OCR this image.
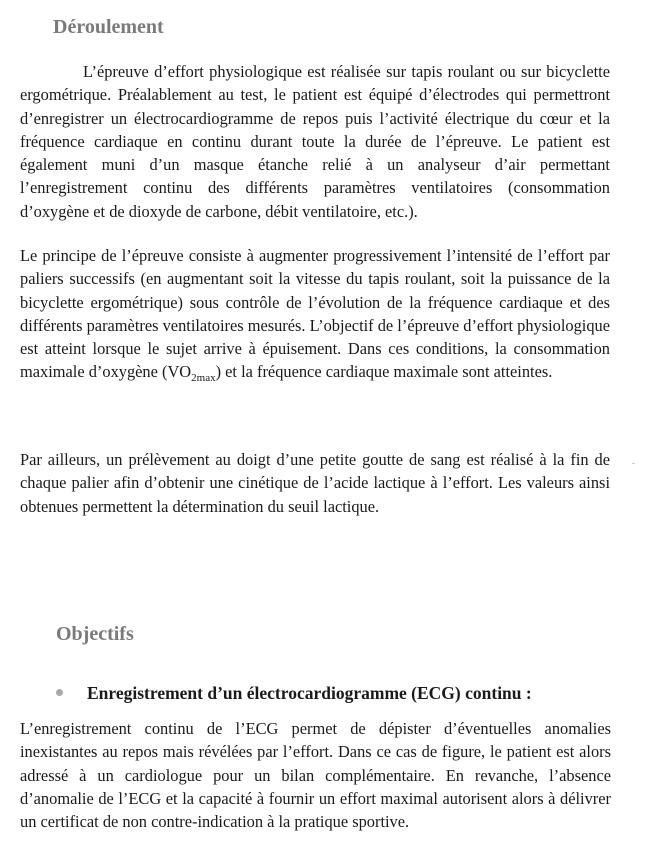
Déroulement

L’épreuve d’effort physiologique est réalisée sur tapis roulant ou sur bicyclette ergométrique. Préalablement au test, le patient est équipé d’électrodes qui permettront d’enregistrer un électrocardiogramme de repos puis l’activité électrique du cœur et la fréquence cardiaque en continu durant toute la durée de l’épreuve. Le patient est également muni d’un masque étanche relié à un analyseur d’air permettant l’enregistrement continu des différents paramètres ventilatoires (consommation d’oxygène et de dioxyde de carbone, débit ventilatoire, etc.).

Le principe de l’épreuve consiste à augmenter progressivement l’intensité de l’effort par paliers successifs (en augmentant soit la vitesse du tapis roulant, soit la puissance de la bicyclette ergométrique) sous contrôle de l’évolution de la fréquence cardiaque et des différents paramètres ventilatoires mesurés. L’objectif de l’épreuve d’effort physiologique est atteint lorsque le sujet arrive à épuisement. Dans ces conditions, la consommation maximale d’oxygène $(VO_{2max})$ et la fréquence cardiaque maximale sont atteintes.

Par ailleurs, un prélèvement au doigt d’une petite goutte de sang est réalisé à la fin de chaque palier afin d’obtenir une cinétique de l’acide lactique à l’effort. Les valeurs ainsi obtenues permettent la détermination du seuil lactique.

Objectifs

Enregistrement d’un électrocardiogramme (ECG) continu :

L’enregistrement continu de l’ECG permet de dépister d’éventuelles anomalies inexistantes au repos mais révélées par l’effort. Dans ce cas de figure, le patient est alors adressé à un cardiologue pour un bilan complémentaire. En revanche, l’absence d’anomalie de l’ECG et la capacité à fournir un effort maximal autorisent alors à délivrer un certificat de non contre-indication à la pratique sportive.
